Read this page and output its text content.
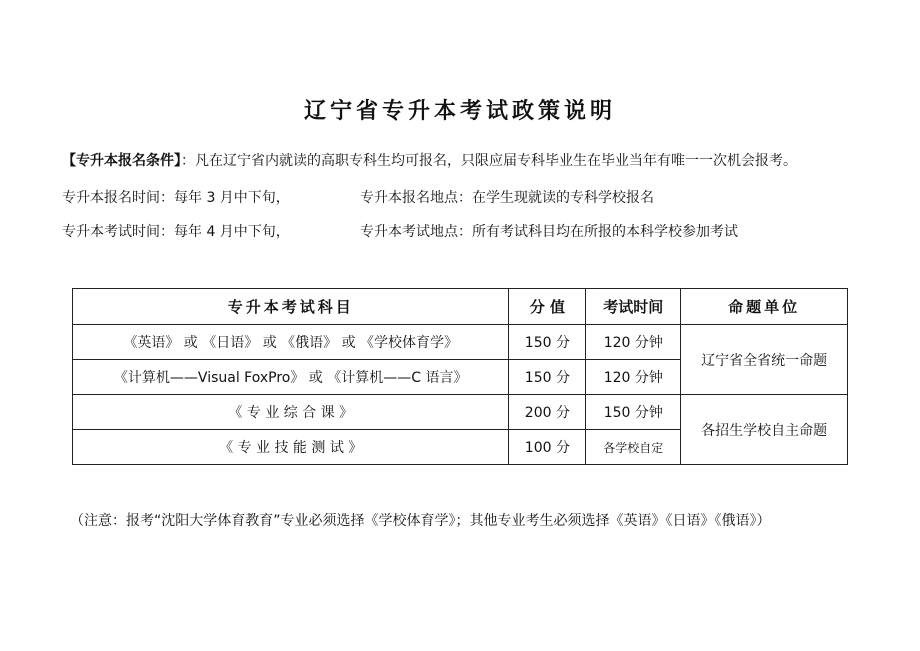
辽宁省专升本考试政策说明
【专升本报名条件】：凡在辽宁省内就读的高职专科生均可报名，只限应届专科毕业生在毕业当年有唯一一次机会报考。
专升本报名时间：每年 3 月中下旬，	专升本报名地点：在学生现就读的专科学校报名
专升本考试时间：每年 4 月中下旬，	专升本考试地点：所有考试科目均在所报的本科学校参加考试
专升本考试科目	分 值	考试时间	命题单位
《英语》 或 《日语》 或 《俄语》 或 《学校体育学》	150 分	120 分钟	辽宁省全省统一命题
《计算机——Visual FoxPro》 或 《计算机——C 语言》	150 分	120 分钟	
《 专 业 综 合 课 》	200 分	150 分钟	各招生学校自主命题
《 专 业 技 能 测 试 》	100 分	各学校自定	
（注意：报考“沈阳大学体育教育”专业必须选择《学校体育学》；其他专业考生必须选择《英语》《日语》《俄语》）
